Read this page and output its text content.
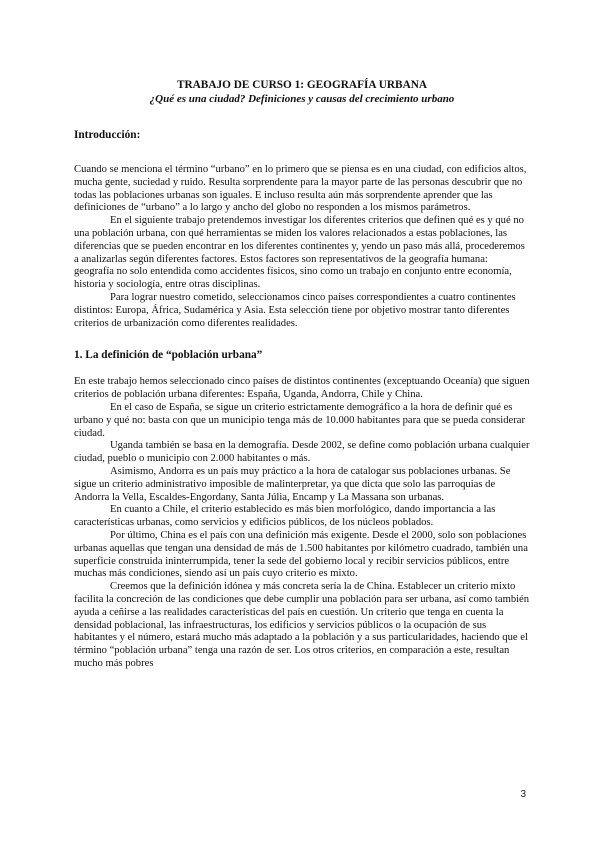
TRABAJO DE CURSO 1: GEOGRAFÍA URBANA
¿Qué es una ciudad? Definiciones y causas del crecimiento urbano
Introducción:

Cuando se menciona el término “urbano” en lo primero que se piensa es en una ciudad, con edificios altos, mucha gente, suciedad y ruido. Resulta sorprendente para la mayor parte de las personas descubrir que no todas las poblaciones urbanas son iguales. E incluso resulta aún más sorprendente aprender que las definiciones de “urbano” a lo largo y ancho del globo no responden a los mismos parámetros.

En el siguiente trabajo pretendemos investigar los diferentes criterios que definen qué es y qué no una población urbana, con qué herramientas se miden los valores relacionados a estas poblaciones, las diferencias que se pueden encontrar en los diferentes continentes y, yendo un paso más allá, procederemos a analizarlas según diferentes factores. Estos factores son representativos de la geografía humana: geografía no solo entendida como accidentes físicos, sino como un trabajo en conjunto entre economía, historia y sociología, entre otras disciplinas.

Para lograr nuestro cometido, seleccionamos cinco países correspondientes a cuatro continentes distintos: Europa, África, Sudamérica y Asia. Esta selección tiene por objetivo mostrar tanto diferentes criterios de urbanización como diferentes realidades.

1. La definición de “población urbana”

En este trabajo hemos seleccionado cinco países de distintos continentes (exceptuando Oceanía) que siguen criterios de población urbana diferentes: España, Uganda, Andorra, Chile y China.

En el caso de España, se sigue un criterio estrictamente demográfico a la hora de definir qué es urbano y qué no: basta con que un municipio tenga más de 10.000 habitantes para que se pueda considerar ciudad.

Uganda también se basa en la demografía. Desde 2002, se define como población urbana cualquier ciudad, pueblo o municipio con 2.000 habitantes o más.

Asimismo, Andorra es un país muy práctico a la hora de catalogar sus poblaciones urbanas. Se sigue un criterio administrativo imposible de malinterpretar, ya que dicta que solo las parroquias de Andorra la Vella, Escaldes-Engordany, Santa Júlia, Encamp y La Massana son urbanas.

En cuanto a Chile, el criterio establecido es más bien morfológico, dando importancia a las características urbanas, como servicios y edificios públicos, de los núcleos poblados.

Por último, China es el país con una definición más exigente. Desde el 2000, solo son poblaciones urbanas aquellas que tengan una densidad de más de 1.500 habitantes por kilómetro cuadrado, también una superficie construida ininterrumpida, tener la sede del gobierno local y recibir servicios públicos, entre muchas más condiciones, siendo así un país cuyo criterio es mixto.

Creemos que la definición idónea y más concreta sería la de China. Establecer un criterio mixto facilita la concreción de las condiciones que debe cumplir una población para ser urbana, así como también ayuda a ceñirse a las realidades características del país en cuestión. Un criterio que tenga en cuenta la densidad poblacional, las infraestructuras, los edificios y servicios públicos o la ocupación de sus habitantes y el número, estará mucho más adaptado a la población y a sus particularidades, haciendo que el término “población urbana” tenga una razón de ser. Los otros criterios, en comparación a este, resultan mucho más pobres

3
